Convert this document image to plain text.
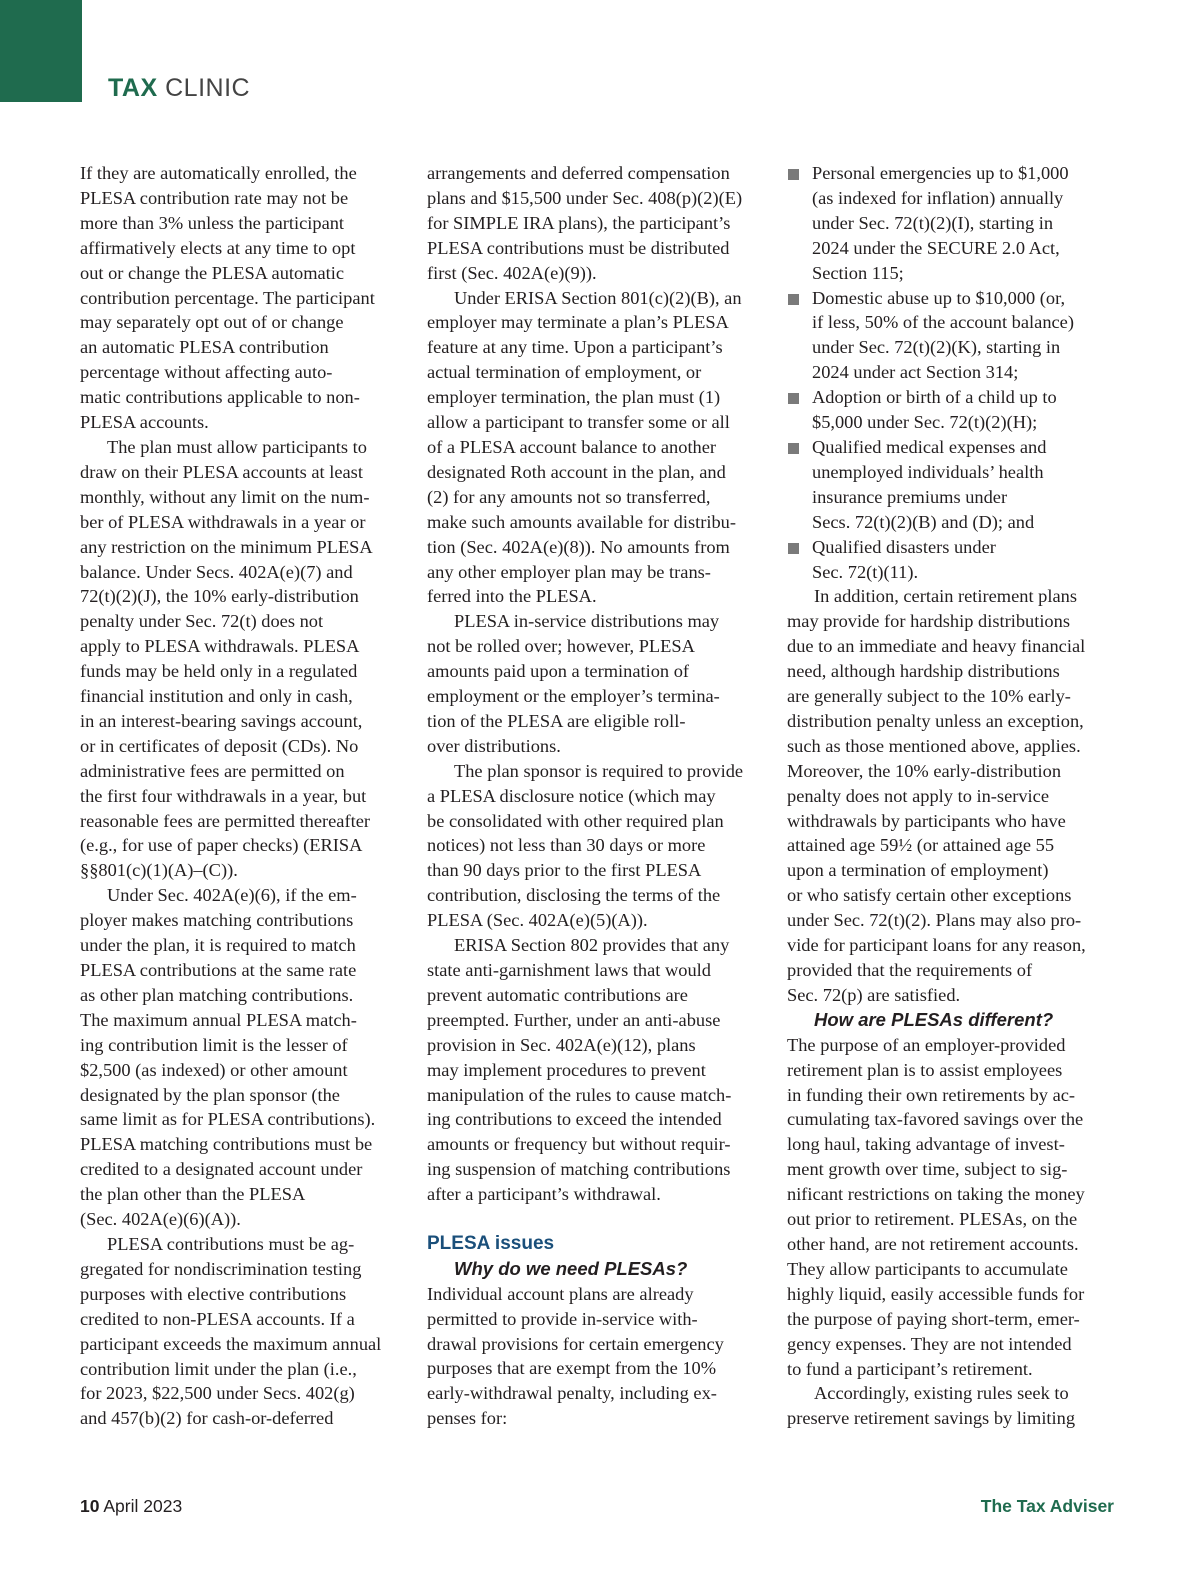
TAX CLINIC
If they are automatically enrolled, the
PLESA contribution rate may not be
more than 3% unless the participant
affirmatively elects at any time to opt
out or change the PLESA automatic
contribution percentage. The participant
may separately opt out of or change
an automatic PLESA contribution
percentage without affecting auto-
matic contributions applicable to non-
PLESA accounts.
The plan must allow participants to
draw on their PLESA accounts at least
monthly, without any limit on the num-
ber of PLESA withdrawals in a year or
any restriction on the minimum PLESA
balance. Under Secs. 402A(e)(7) and
72(t)(2)(J), the 10% early-distribution
penalty under Sec. 72(t) does not
apply to PLESA withdrawals. PLESA
funds may be held only in a regulated
financial institution and only in cash,
in an interest-bearing savings account,
or in certificates of deposit (CDs). No
administrative fees are permitted on
the first four withdrawals in a year, but
reasonable fees are permitted thereafter
(e.g., for use of paper checks) (ERISA
§§801(c)(1)(A)–(C)).
Under Sec. 402A(e)(6), if the em-
ployer makes matching contributions
under the plan, it is required to match
PLESA contributions at the same rate
as other plan matching contributions.
The maximum annual PLESA match-
ing contribution limit is the lesser of
$2,500 (as indexed) or other amount
designated by the plan sponsor (the
same limit as for PLESA contributions).
PLESA matching contributions must be
credited to a designated account under
the plan other than the PLESA
(Sec. 402A(e)(6)(A)).
PLESA contributions must be ag-
gregated for nondiscrimination testing
purposes with elective contributions
credited to non-PLESA accounts. If a
participant exceeds the maximum annual
contribution limit under the plan (i.e.,
for 2023, $22,500 under Secs. 402(g)
and 457(b)(2) for cash-or-deferred
arrangements and deferred compensation
plans and $15,500 under Sec. 408(p)(2)(E)
for SIMPLE IRA plans), the participant’s
PLESA contributions must be distributed
first (Sec. 402A(e)(9)).
Under ERISA Section 801(c)(2)(B), an
employer may terminate a plan’s PLESA
feature at any time. Upon a participant’s
actual termination of employment, or
employer termination, the plan must (1)
allow a participant to transfer some or all
of a PLESA account balance to another
designated Roth account in the plan, and
(2) for any amounts not so transferred,
make such amounts available for distribu-
tion (Sec. 402A(e)(8)). No amounts from
any other employer plan may be trans-
ferred into the PLESA.
PLESA in-service distributions may
not be rolled over; however, PLESA
amounts paid upon a termination of
employment or the employer’s termina-
tion of the PLESA are eligible roll-
over distributions.
The plan sponsor is required to provide
a PLESA disclosure notice (which may
be consolidated with other required plan
notices) not less than 30 days or more
than 90 days prior to the first PLESA
contribution, disclosing the terms of the
PLESA (Sec. 402A(e)(5)(A)).
ERISA Section 802 provides that any
state anti-garnishment laws that would
prevent automatic contributions are
preempted. Further, under an anti-abuse
provision in Sec. 402A(e)(12), plans
may implement procedures to prevent
manipulation of the rules to cause match-
ing contributions to exceed the intended
amounts or frequency but without requir-
ing suspension of matching contributions
after a participant’s withdrawal.
PLESA issues
Why do we need PLESAs?
Individual account plans are already
permitted to provide in-service with-
drawal provisions for certain emergency
purposes that are exempt from the 10%
early-withdrawal penalty, including ex-
penses for:
Personal emergencies up to $1,000
(as indexed for inflation) annually
under Sec. 72(t)(2)(I), starting in
2024 under the SECURE 2.0 Act,
Section 115;
Domestic abuse up to $10,000 (or,
if less, 50% of the account balance)
under Sec. 72(t)(2)(K), starting in
2024 under act Section 314;
Adoption or birth of a child up to
$5,000 under Sec. 72(t)(2)(H);
Qualified medical expenses and
unemployed individuals’ health
insurance premiums under
Secs. 72(t)(2)(B) and (D); and
Qualified disasters under
Sec. 72(t)(11).
In addition, certain retirement plans
may provide for hardship distributions
due to an immediate and heavy financial
need, although hardship distributions
are generally subject to the 10% early-
distribution penalty unless an exception,
such as those mentioned above, applies.
Moreover, the 10% early-distribution
penalty does not apply to in-service
withdrawals by participants who have
attained age 59½ (or attained age 55
upon a termination of employment)
or who satisfy certain other exceptions
under Sec. 72(t)(2). Plans may also pro-
vide for participant loans for any reason,
provided that the requirements of
Sec. 72(p) are satisfied.
How are PLESAs different?
The purpose of an employer-provided
retirement plan is to assist employees
in funding their own retirements by ac-
cumulating tax-favored savings over the
long haul, taking advantage of invest-
ment growth over time, subject to sig-
nificant restrictions on taking the money
out prior to retirement. PLESAs, on the
other hand, are not retirement accounts.
They allow participants to accumulate
highly liquid, easily accessible funds for
the purpose of paying short-term, emer-
gency expenses. They are not intended
to fund a participant’s retirement.
Accordingly, existing rules seek to
preserve retirement savings by limiting
10 April 2023	The Tax Adviser
